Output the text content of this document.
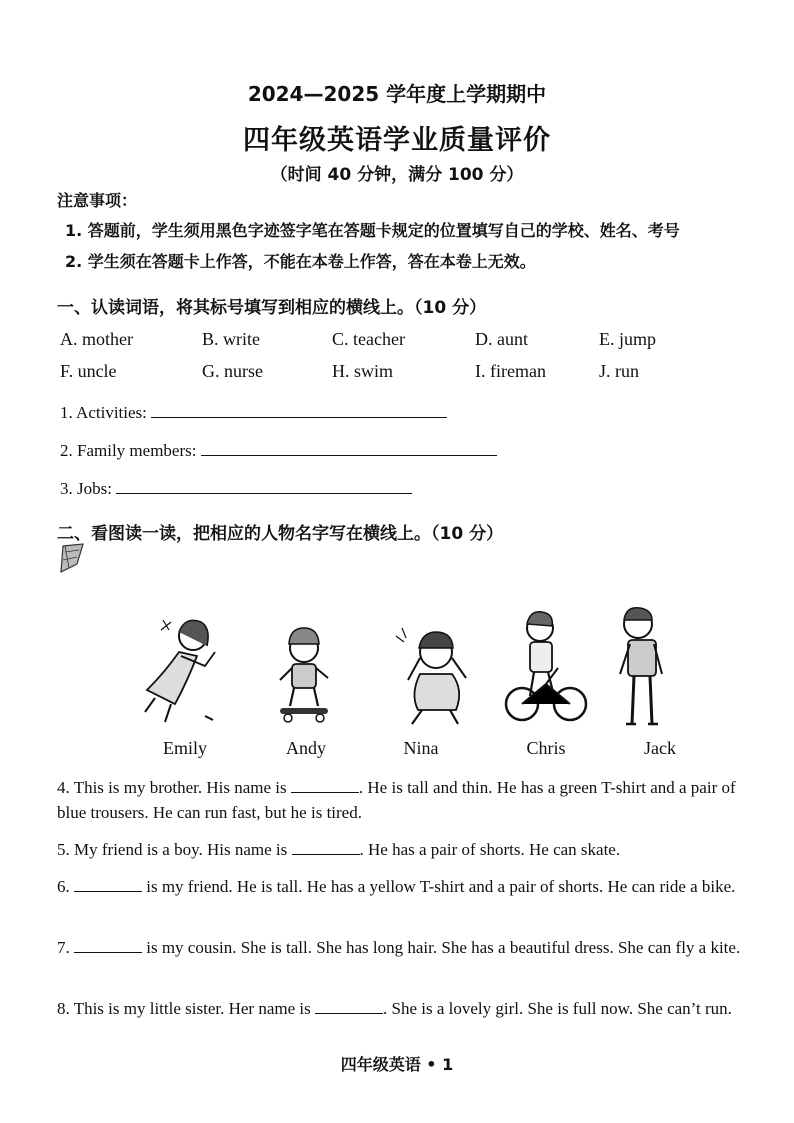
2024—2025 学年度上学期期中
四年级英语学业质量评价
（时间 40 分钟，满分 100 分）
注意事项：
1. 答题前，学生须用黑色字迹签字笔在答题卡规定的位置填写自己的学校、姓名、考号
2. 学生须在答题卡上作答，不能在本卷上作答，答在本卷上无效。
一、认读词语，将其标号填写到相应的横线上。（10 分）
A. mother	B. write	C. teacher	D. aunt	E. jump
F. uncle	G. nurse	H. swim	I. fireman	J. run
1. Activities:
2. Family members:
3. Jobs:
二、看图读一读，把相应的人物名字写在横线上。（10 分）
Emily	Andy	Nina	Chris	Jack
4. This is my brother. His name is	. He is tall and thin. He has a green T-shirt and a pair of blue trousers. He can run fast, but he is tired.
5. My friend is a boy. His name is	. He has a pair of shorts. He can skate.
6.	is my friend. He is tall. He has a yellow T-shirt and a pair of shorts. He can ride a bike.
7.	is my cousin. She is tall. She has long hair. She has a beautiful dress. She can fly a kite.
8. This is my little sister. Her name is	. She is a lovely girl. She is full now. She can’t run.
四年级英语 • 1
